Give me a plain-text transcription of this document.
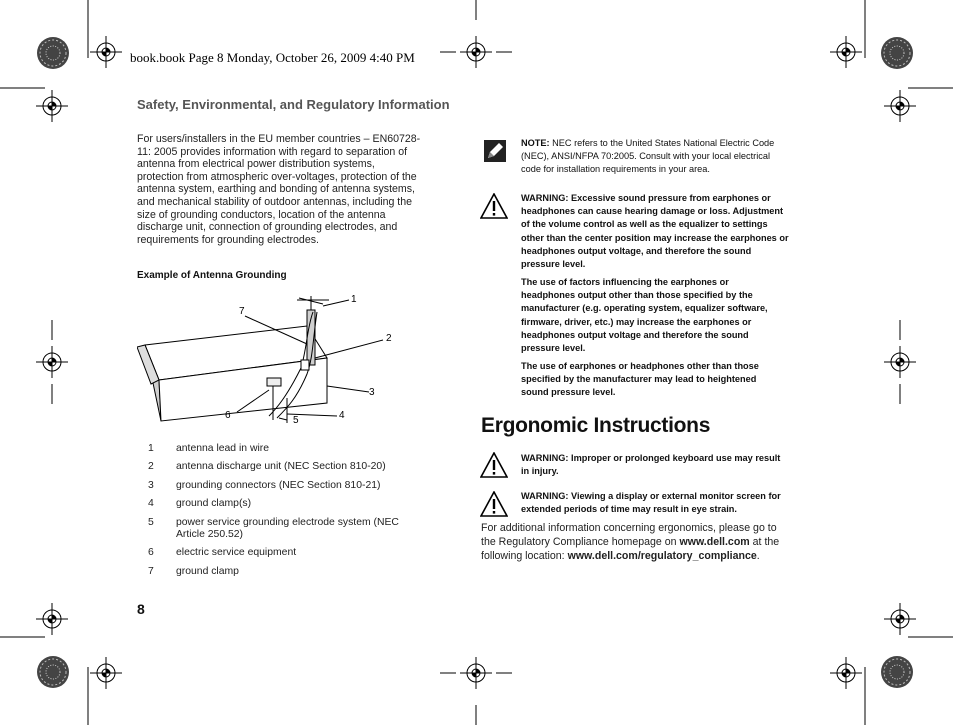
book.book Page 8 Monday, October 26, 2009 4:40 PM
Safety, Environmental, and Regulatory Information
For users/installers in the EU member countries – EN60728-11: 2005 provides information with regard to separation of antenna from electrical power distribution systems, protection from atmospheric over-voltages, protection of the antenna system, earthing and bonding of antenna systems, and mechanical stability of outdoor antennas, including the size of grounding conductors, location of the antenna discharge unit, connection of grounding electrodes, and requirements for grounding electrodes.
Example of Antenna Grounding
1
2
3
4
5
6
7
1	antenna lead in wire
2	antenna discharge unit (NEC Section 810-20)
3	grounding connectors (NEC Section 810-21)
4	ground clamp(s)
5	power service grounding electrode system (NEC Article 250.52)
6	electric service equipment
7	ground clamp
8
NOTE: NEC refers to the United States National Electric Code (NEC), ANSI/NFPA 70:2005. Consult with your local electrical code for installation requirements in your area.
WARNING: Excessive sound pressure from earphones or headphones can cause hearing damage or loss. Adjustment of the volume control as well as the equalizer to settings other than the center position may increase the earphones or headphones output voltage, and therefore the sound pressure level.
The use of factors influencing the earphones or headphones output other than those specified by the manufacturer (e.g. operating system, equalizer software, firmware, driver, etc.) may increase the earphones or headphones output voltage and therefore the sound pressure level.
The use of earphones or headphones other than those specified by the manufacturer may lead to heightened sound pressure level.
Ergonomic Instructions
WARNING: Improper or prolonged keyboard use may result in injury.
WARNING: Viewing a display or external monitor screen for extended periods of time may result in eye strain.
For additional information concerning ergonomics, please go to the Regulatory Compliance homepage on www.dell.com at the following location: www.dell.com/regulatory_compliance.
